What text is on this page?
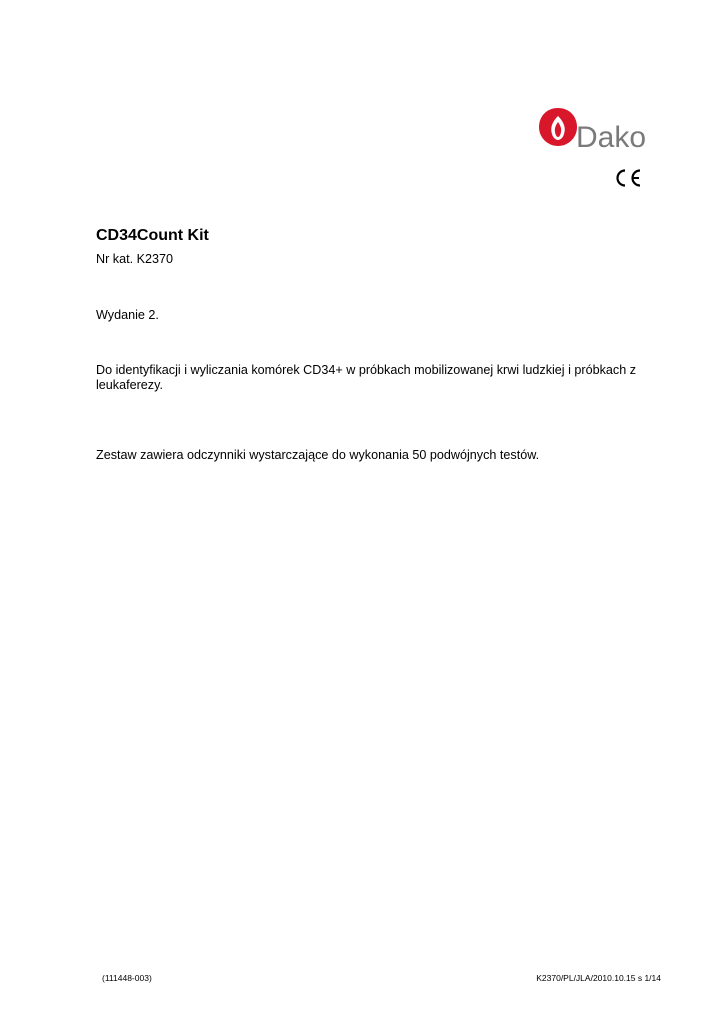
Dako
CD34Count Kit
Nr kat. K2370
Wydanie 2.
Do identyfikacji i wyliczania komórek CD34+ w próbkach mobilizowanej krwi ludzkiej i próbkach z leukaferezy.
Zestaw zawiera odczynniki wystarczające do wykonania 50 podwójnych testów.
(111448-003)	K2370/PL/JLA/2010.10.15 s 1/14
